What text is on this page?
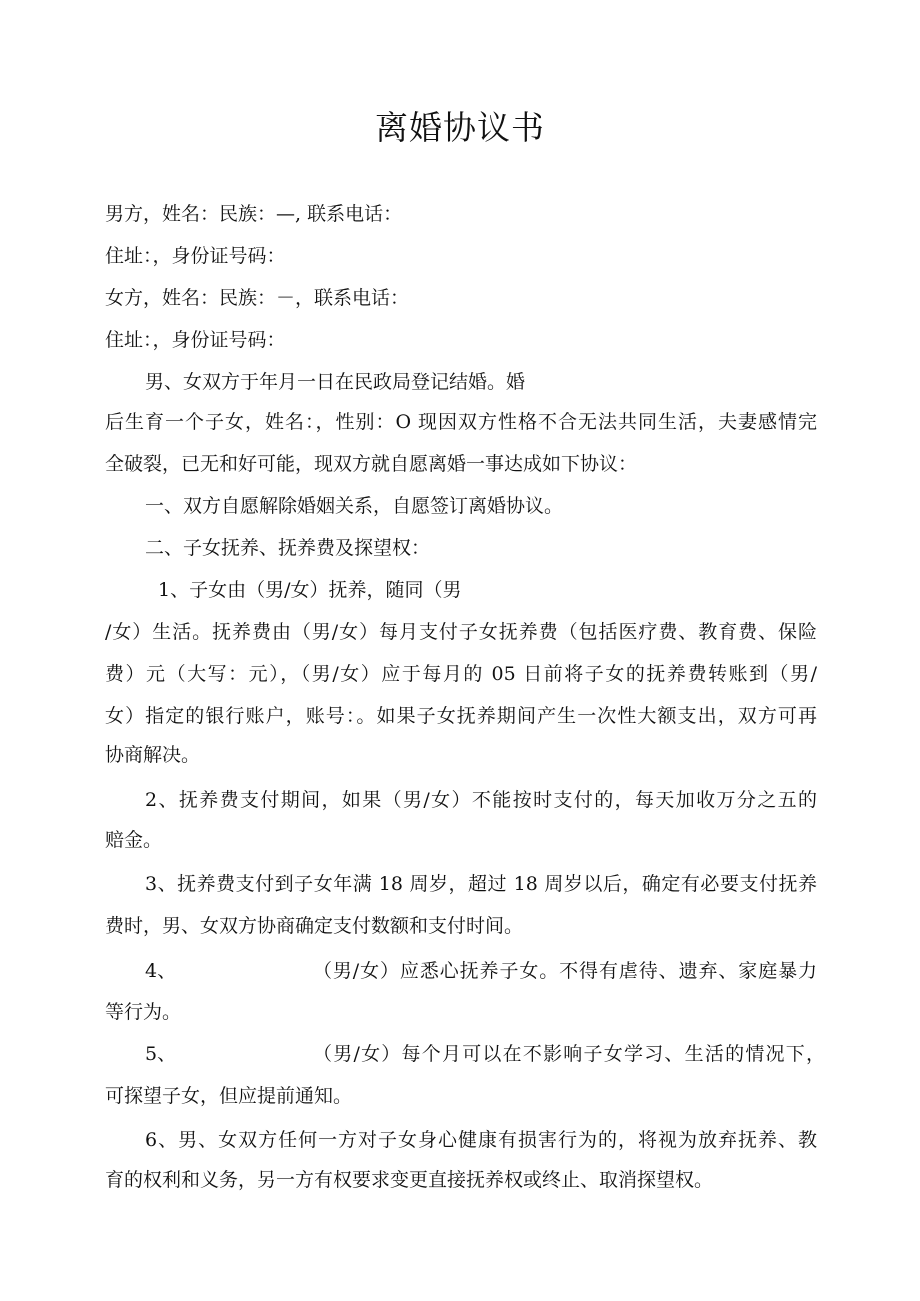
离婚协议书
男方，姓名：民族：—, 联系电话：
住址：，身份证号码：
女方，姓名：民族：－，联系电话：
住址：，身份证号码：
男、女双方于年月一日在民政局登记结婚。婚
后生育一个子女，姓名：，性别：O 现因双方性格不合无法共同生活，夫妻感情完
全破裂，已无和好可能，现双方就自愿离婚一事达成如下协议：
一、双方自愿解除婚姻关系，自愿签订离婚协议。
二、子女抚养、抚养费及探望权：
1、子女由（男/女）抚养，随同（男
/女）生活。抚养费由（男/女）每月支付子女抚养费（包括医疗费、教育费、保险
费）元（大写：元），（男/女）应于每月的 05 日前将子女的抚养费转账到（男/
女）指定的银行账户，账号：。如果子女抚养期间产生一次性大额支出，双方可再
协商解决。
2、抚养费支付期间，如果（男/女）不能按时支付的，每天加收万分之五的
赔金。
3、抚养费支付到子女年满 18 周岁，超过 18 周岁以后，确定有必要支付抚养
费时，男、女双方协商确定支付数额和支付时间。
4、	（男/女）应悉心抚养子女。不得有虐待、遗弃、家庭暴力
等行为。
5、	（男/女）每个月可以在不影响子女学习、生活的情况下，
可探望子女，但应提前通知。
6、男、女双方任何一方对子女身心健康有损害行为的，将视为放弃抚养、教
育的权利和义务，另一方有权要求变更直接抚养权或终止、取消探望权。
